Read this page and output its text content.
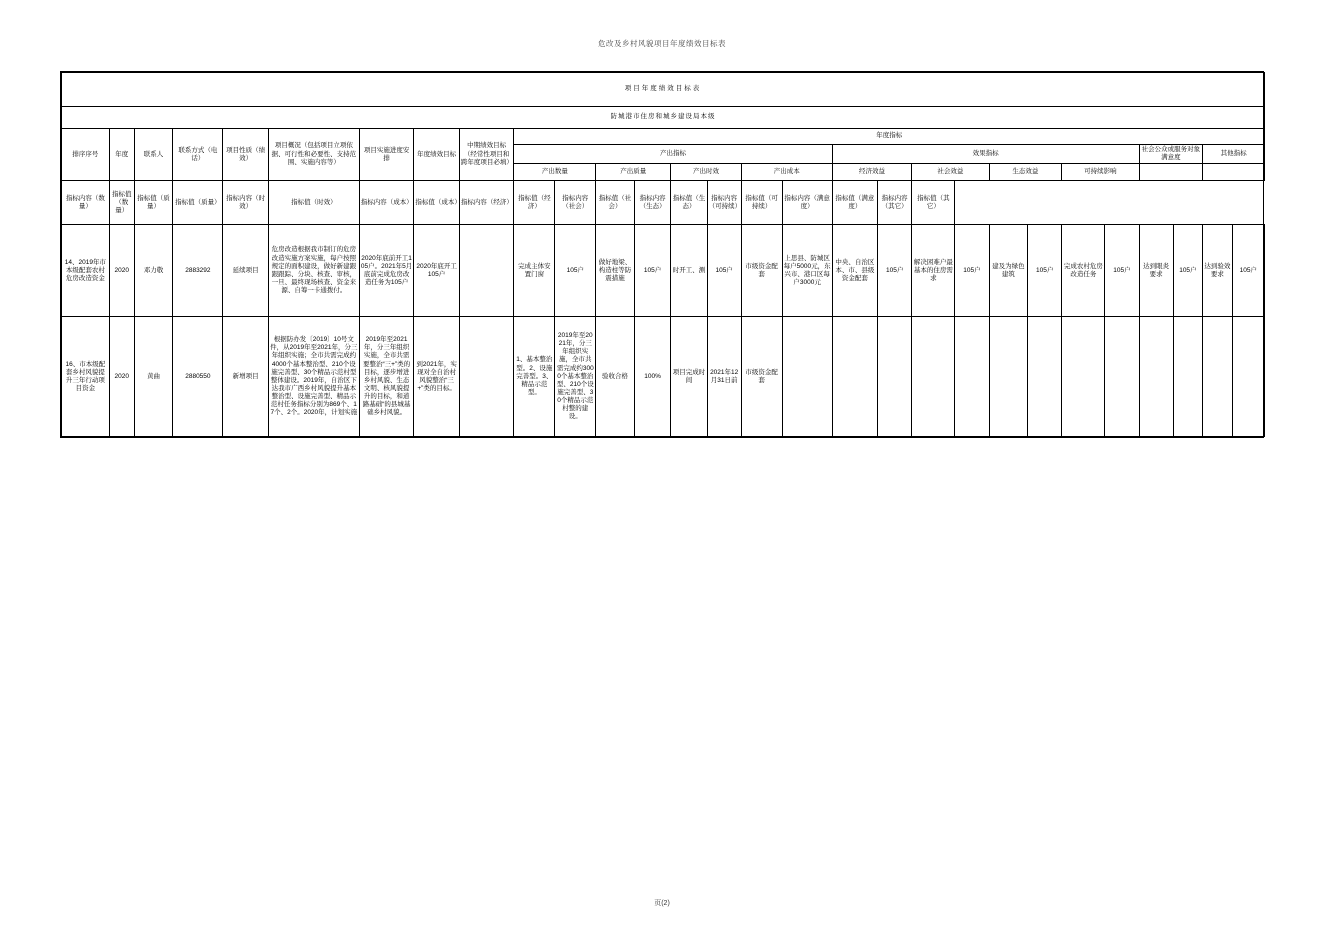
危改及乡村风貌项目年度绩效目标表
项目年度绩效目标表																												
防城港市住房和城乡建设局本级																												
排序序号	年度	联系人	联系方式（电话）	项目性质（绩效）	项目概况（包括项目立项依据、可行性和必要性、支持范围、实施内容等）	项目实施进度安排	年度绩效目标	中期绩效目标（经常性项目和跨年度项目必填）	年度指标																			
									产出指标								效果指标								社会公众或服务对象满意度		其他指标	
									产出数量		产出质量		产出时效		产出成本		经济效益		社会效益		生态效益		可持续影响					
指标内容（数量）	指标值（数量）	指标值（质量）	指标值（质量）	指标内容（时效）	指标值（时效）	指标内容（成本）	指标值（成本）	指标内容（经济）	指标值（经济）	指标内容（社会）	指标值（社会）	指标内容（生态）	指标值（生态）	指标内容（可持续）	指标值（可持续）	指标内容（满意度）	指标值（满意度）	指标内容（其它）	指标值（其它）									
14、2019年市本级配套农村危房改造资金	2020	邓力敬	2883292	延续项目	危房改造根据我市制订的危房改造实施方案实施，每户按照规定的面积建设，做好新建跟跟跟踪、分块、核查、审核，一旦、最终现场核查、资金来源、自筹一卡通拨付。	2020年底前开工105户。2021年5月底前完成危房改造任务为105户	2020年底开工105户		完成主体安置门窗	105户	做好地梁、构造柱等防震措施	105户	时开工、测	105户	市级资金配套	上思县、防城区每户5000元，东兴市、港口区每户3000元	中央、自治区本、市、县级资金配套	105户	解决困难户最基本的住房需求	105户	建及为绿色建筑	105户	完成农村危房改造任务	105户	达到眼炎要求	105户	达到验效要求	105户
16、市本级配套乡村风貌提升三年行动项目资金	2020	黄曲	2880550	新增项目	根据防办发〔2019〕10号文件，从2019年至2021年，分三年组织实施；全市共需完成约4000个基本整治型、210个设施完善型、30个精品示范村型整体建设。2019年，自治区下达我市广西乡村风貌提升基本整治型、设施完善型、精品示范村任务指标分别为869个、17个、2个。2020年，计划实施	2019年至2021年，分三年组织实施，全市共需要整治“三+”类的目标，逐步增进乡村风貌、生态文明、核风貌提升的目标，和道路基础“的县城基础乡村风貌。	到2021年，实现对全自治村风貌整治“三+”类的目标。		1、基本整治型。2、设施完善型。3、精品示范型。	2019年至2021年，分三年组织实施，全市共需完成约3000个基本整治型、210个设施完善型、30个精品示范村整的建设。	验收合格	100%	项目完成时间	2021年12月31日前	市级资金配套													
页(2)
